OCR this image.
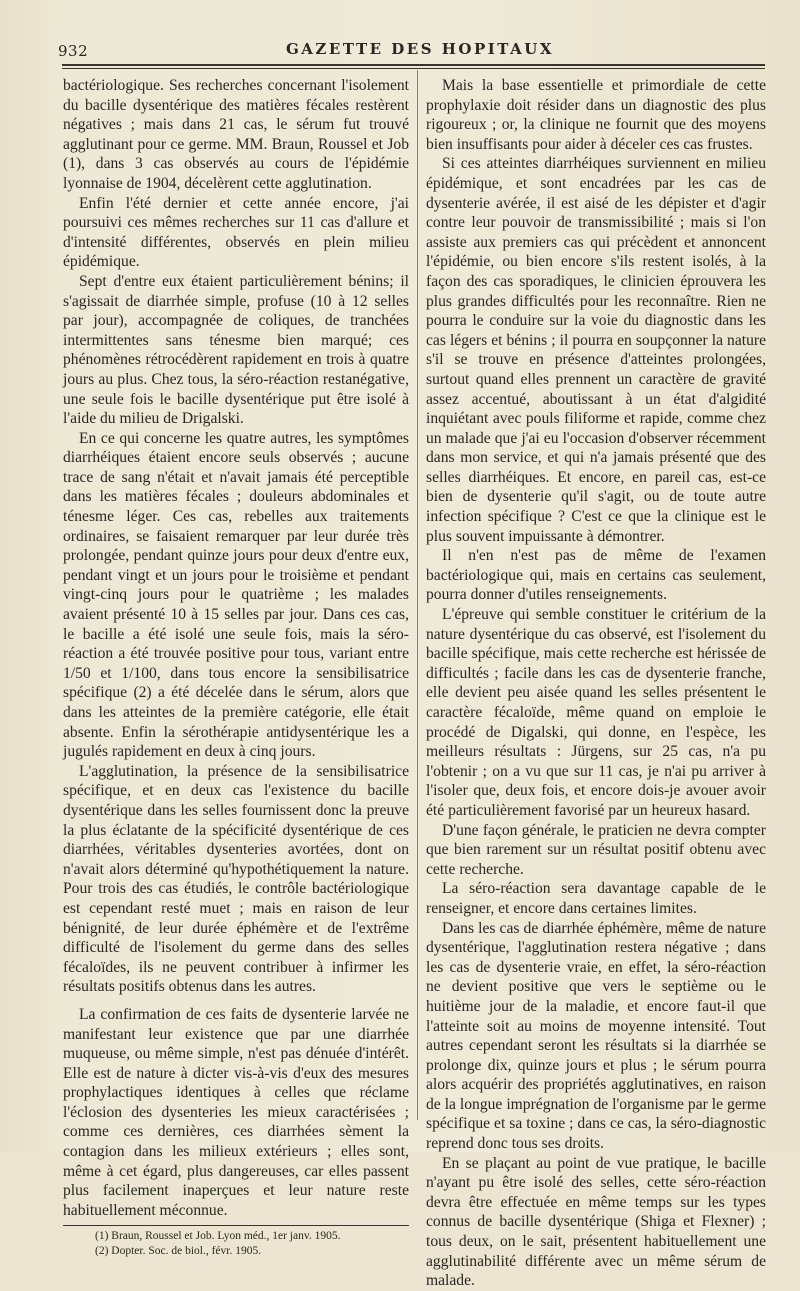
932	GAZETTE DES HOPITAUX

bactériologique. Ses recherches concernant l'isolement du bacille dysentérique des matières fécales restèrent négatives ; mais dans 21 cas, le sérum fut trouvé agglutinant pour ce germe. MM. Braun, Roussel et Job (1), dans 3 cas observés au cours de l'épidémie lyonnaise de 1904, décelèrent cette agglutination.

Enfin l'été dernier et cette année encore, j'ai poursuivi ces mêmes recherches sur 11 cas d'allure et d'intensité différentes, observés en plein milieu épidémique.

Sept d'entre eux étaient particulièrement bénins; il s'agissait de diarrhée simple, profuse (10 à 12 selles par jour), accompagnée de coliques, de tranchées intermittentes sans ténesme bien marqué; ces phénomènes rétrocédèrent rapidement en trois à quatre jours au plus. Chez tous, la séro-réaction restanégative, une seule fois le bacille dysentérique put être isolé à l'aide du milieu de Drigalski.

En ce qui concerne les quatre autres, les symptômes diarrhéiques étaient encore seuls observés ; aucune trace de sang n'était et n'avait jamais été perceptible dans les matières fécales ; douleurs abdominales et ténesme léger. Ces cas, rebelles aux traitements ordinaires, se faisaient remarquer par leur durée très prolongée, pendant quinze jours pour deux d'entre eux, pendant vingt et un jours pour le troisième et pendant vingt-cinq jours pour le quatrième ; les malades avaient présenté 10 à 15 selles par jour. Dans ces cas, le bacille a été isolé une seule fois, mais la séro-réaction a été trouvée positive pour tous, variant entre 1/50 et 1/100, dans tous encore la sensibilisatrice spécifique (2) a été décelée dans le sérum, alors que dans les atteintes de la première catégorie, elle était absente. Enfin la sérothérapie antidysentérique les a jugulés rapidement en deux à cinq jours.

L'agglutination, la présence de la sensibilisatrice spécifique, et en deux cas l'existence du bacille dysentérique dans les selles fournissent donc la preuve la plus éclatante de la spécificité dysentérique de ces diarrhées, véritables dysenteries avortées, dont on n'avait alors déterminé qu'hypothétiquement la nature. Pour trois des cas étudiés, le contrôle bactériologique est cependant resté muet ; mais en raison de leur bénignité, de leur durée éphémère et de l'extrême difficulté de l'isolement du germe dans des selles fécaloïdes, ils ne peuvent contribuer à infirmer les résultats positifs obtenus dans les autres.

La confirmation de ces faits de dysenterie larvée ne manifestant leur existence que par une diarrhée muqueuse, ou même simple, n'est pas dénuée d'intérêt. Elle est de nature à dicter vis-à-vis d'eux des mesures prophylactiques identiques à celles que réclame l'éclosion des dysenteries les mieux caractérisées ; comme ces dernières, ces diarrhées sèment la contagion dans les milieux extérieurs ; elles sont, même à cet égard, plus dangereuses, car elles passent plus facilement inaperçues et leur nature reste habituellement méconnue.

(1) Braun, Roussel et Job. Lyon méd., 1er janv. 1905.

(2) Dopter. Soc. de biol., févr. 1905.

Mais la base essentielle et primordiale de cette prophylaxie doit résider dans un diagnostic des plus rigoureux ; or, la clinique ne fournit que des moyens bien insuffisants pour aider à déceler ces cas frustes.

Si ces atteintes diarrhéiques surviennent en milieu épidémique, et sont encadrées par les cas de dysenterie avérée, il est aisé de les dépister et d'agir contre leur pouvoir de transmissibilité ; mais si l'on assiste aux premiers cas qui précèdent et annoncent l'épidémie, ou bien encore s'ils restent isolés, à la façon des cas sporadiques, le clinicien éprouvera les plus grandes difficultés pour les reconnaître. Rien ne pourra le conduire sur la voie du diagnostic dans les cas légers et bénins ; il pourra en soupçonner la nature s'il se trouve en présence d'atteintes prolongées, surtout quand elles prennent un caractère de gravité assez accentué, aboutissant à un état d'algidité inquiétant avec pouls filiforme et rapide, comme chez un malade que j'ai eu l'occasion d'observer récemment dans mon service, et qui n'a jamais présenté que des selles diarrhéiques. Et encore, en pareil cas, est-ce bien de dysenterie qu'il s'agit, ou de toute autre infection spécifique ? C'est ce que la clinique est le plus souvent impuissante à démontrer.

Il n'en n'est pas de même de l'examen bactériologique qui, mais en certains cas seulement, pourra donner d'utiles renseignements.

L'épreuve qui semble constituer le critérium de la nature dysentérique du cas observé, est l'isolement du bacille spécifique, mais cette recherche est hérissée de difficultés ; facile dans les cas de dysenterie franche, elle devient peu aisée quand les selles présentent le caractère fécaloïde, même quand on emploie le procédé de Digalski, qui donne, en l'espèce, les meilleurs résultats : Jürgens, sur 25 cas, n'a pu l'obtenir ; on a vu que sur 11 cas, je n'ai pu arriver à l'isoler que, deux fois, et encore dois-je avouer avoir été particulièrement favorisé par un heureux hasard.

D'une façon générale, le praticien ne devra compter que bien rarement sur un résultat positif obtenu avec cette recherche.

La séro-réaction sera davantage capable de le renseigner, et encore dans certaines limites.

Dans les cas de diarrhée éphémère, même de nature dysentérique, l'agglutination restera négative ; dans les cas de dysenterie vraie, en effet, la séro-réaction ne devient positive que vers le septième ou le huitième jour de la maladie, et encore faut-il que l'atteinte soit au moins de moyenne intensité. Tout autres cependant seront les résultats si la diarrhée se prolonge dix, quinze jours et plus ; le sérum pourra alors acquérir des propriétés agglutinatives, en raison de la longue imprégnation de l'organisme par le germe spécifique et sa toxine ; dans ce cas, la séro-diagnostic reprend donc tous ses droits.

En se plaçant au point de vue pratique, le bacille n'ayant pu être isolé des selles, cette séro-réaction devra être effectuée en même temps sur les types connus de bacille dysentérique (Shiga et Flexner) ; tous deux, on le sait, présentent habituellement une agglutinabilité différente avec un même sérum de malade.
